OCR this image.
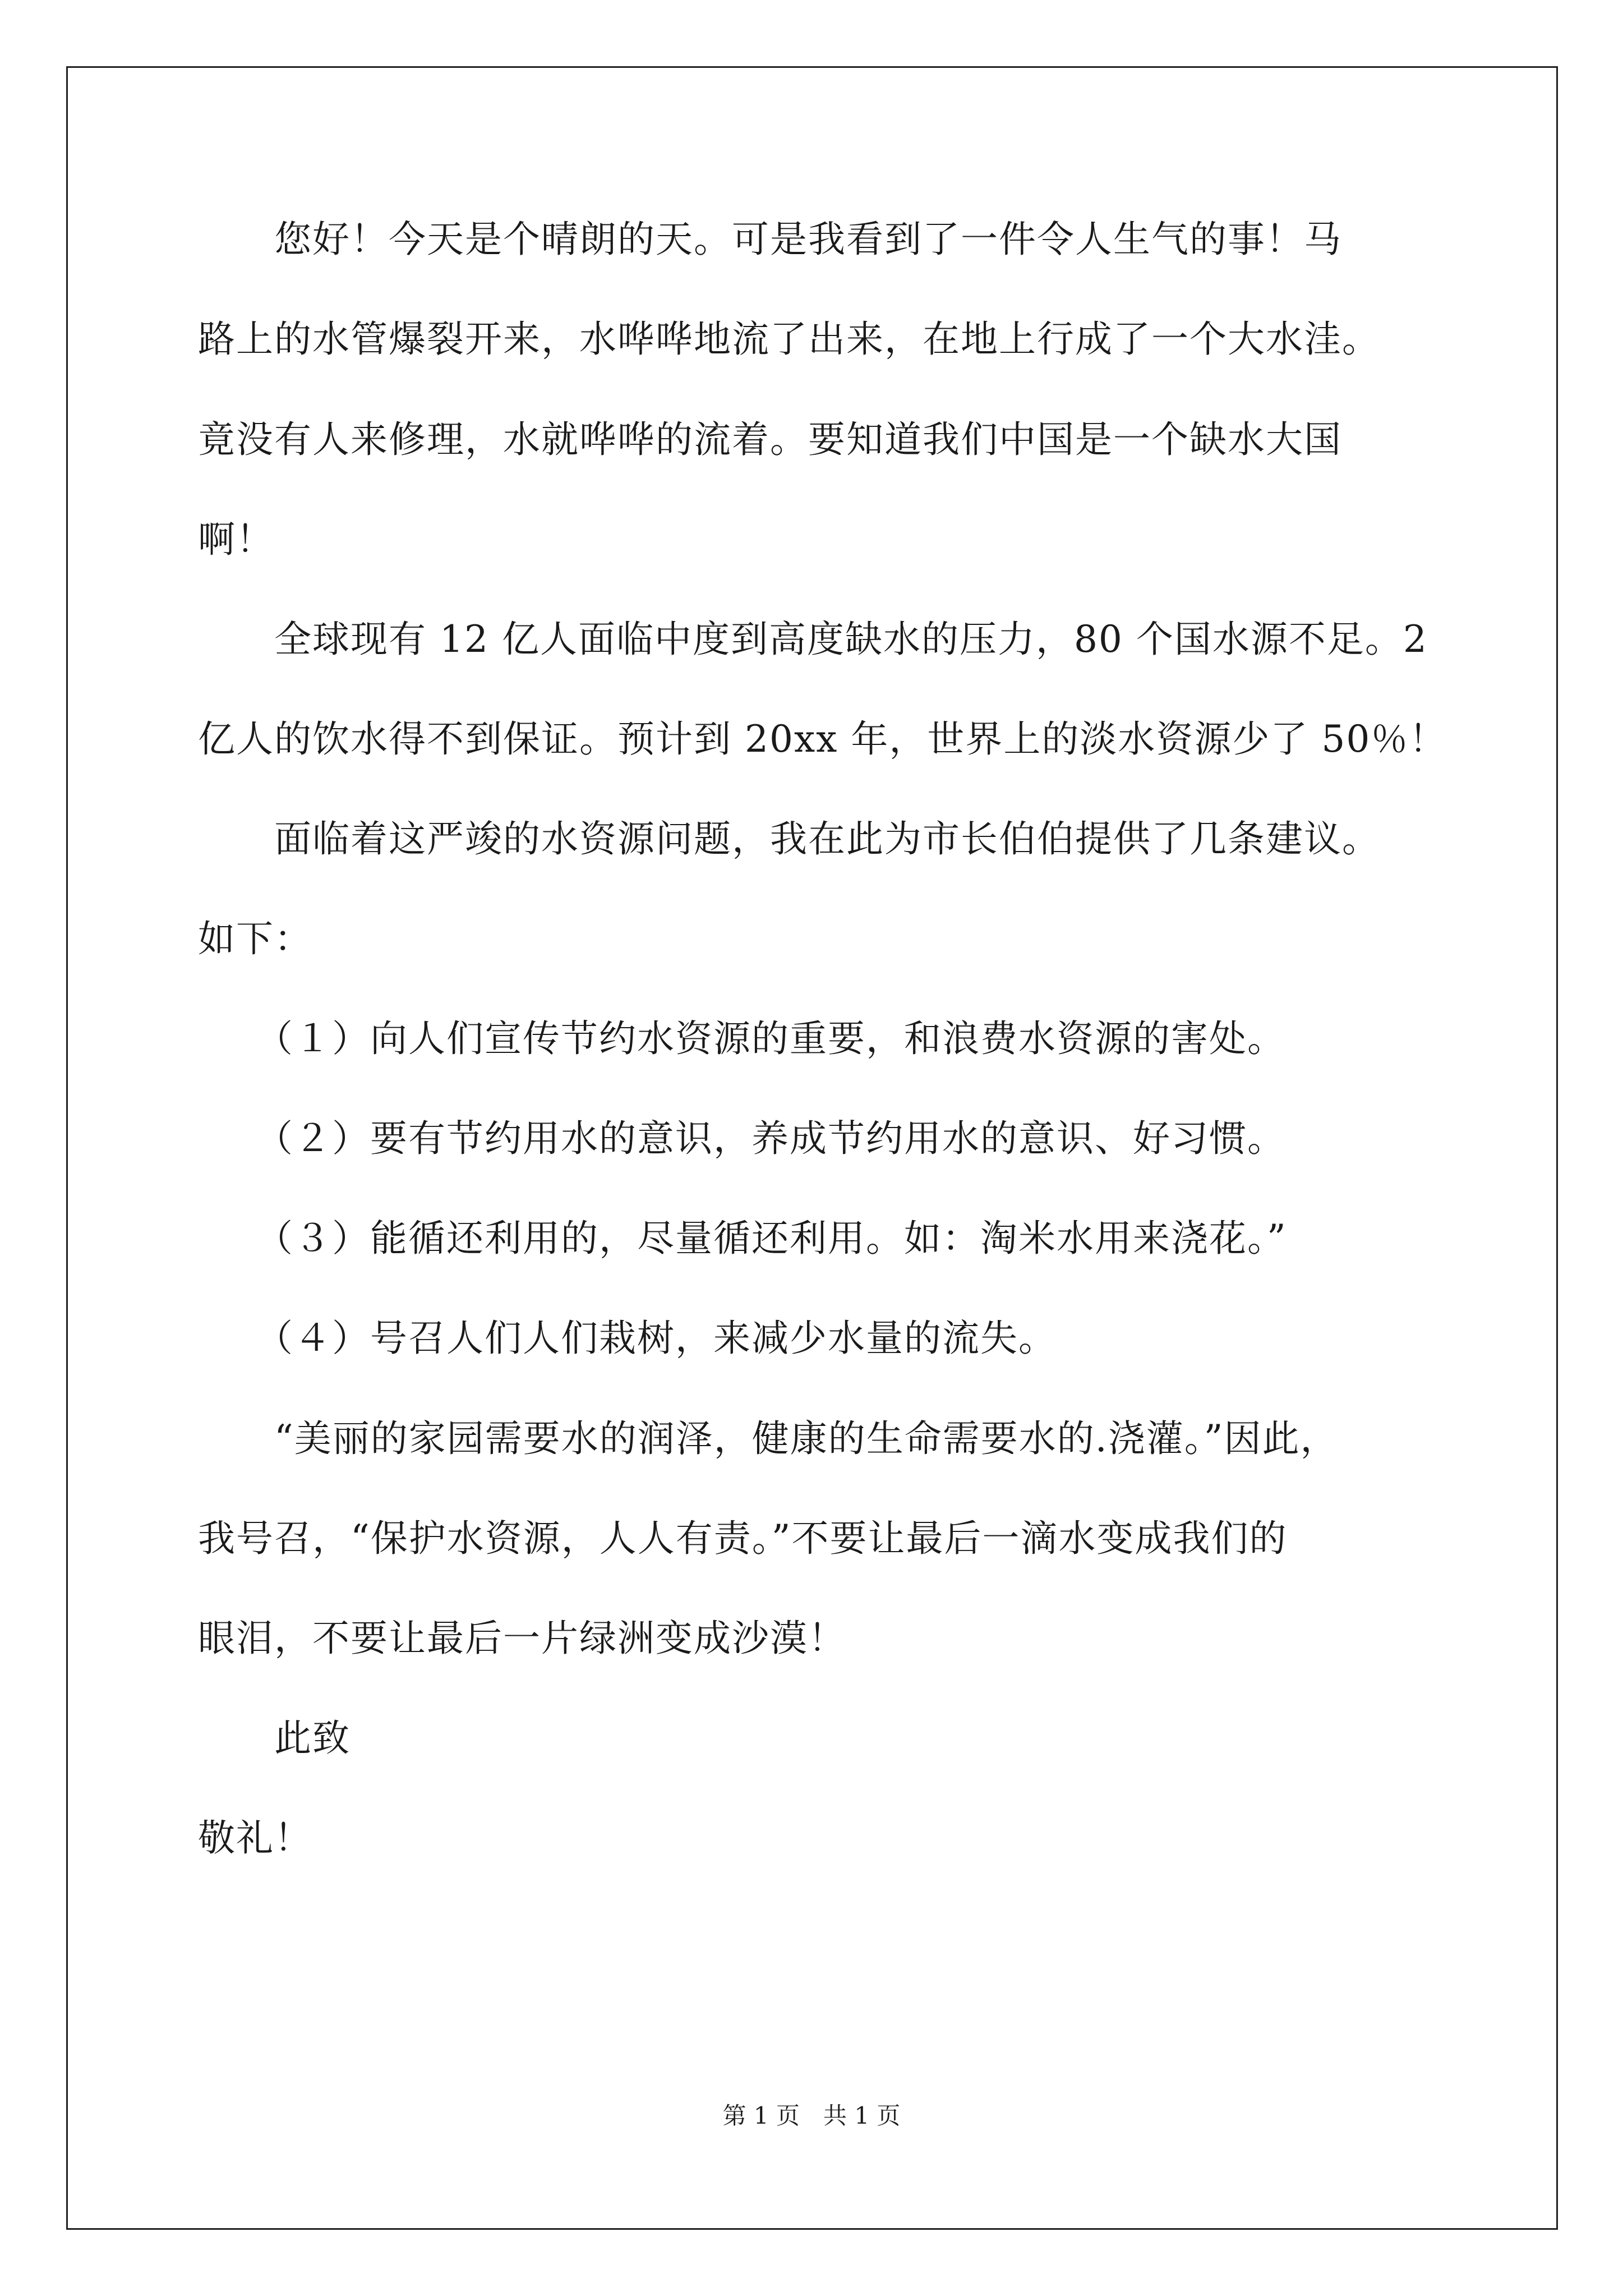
　　您好！今天是个晴朗的天。可是我看到了一件令人生气的事！马

路上的水管爆裂开来，水哗哗地流了出来，在地上行成了一个大水洼。

竟没有人来修理，水就哗哗的流着。要知道我们中国是一个缺水大国

啊！

　　全球现有 12 亿人面临中度到高度缺水的压力，80 个国水源不足。2

亿人的饮水得不到保证。预计到 20xx 年，世界上的淡水资源少了 50％！

　　面临着这严竣的水资源问题，我在此为市长伯伯提供了几条建议。

如下：

　　（１）向人们宣传节约水资源的重要，和浪费水资源的害处。

　　（２）要有节约用水的意识，养成节约用水的意识、好习惯。

　　（３）能循还利用的，尽量循还利用。如：淘米水用来浇花。”

　　（４）号召人们人们栽树，来减少水量的流失。

　　“美丽的家园需要水的润泽，健康的生命需要水的.浇灌。”因此，

我号召，“保护水资源，人人有责。”不要让最后一滴水变成我们的

眼泪，不要让最后一片绿洲变成沙漠！

　　此致

敬礼！

第 1 页　共 1 页
